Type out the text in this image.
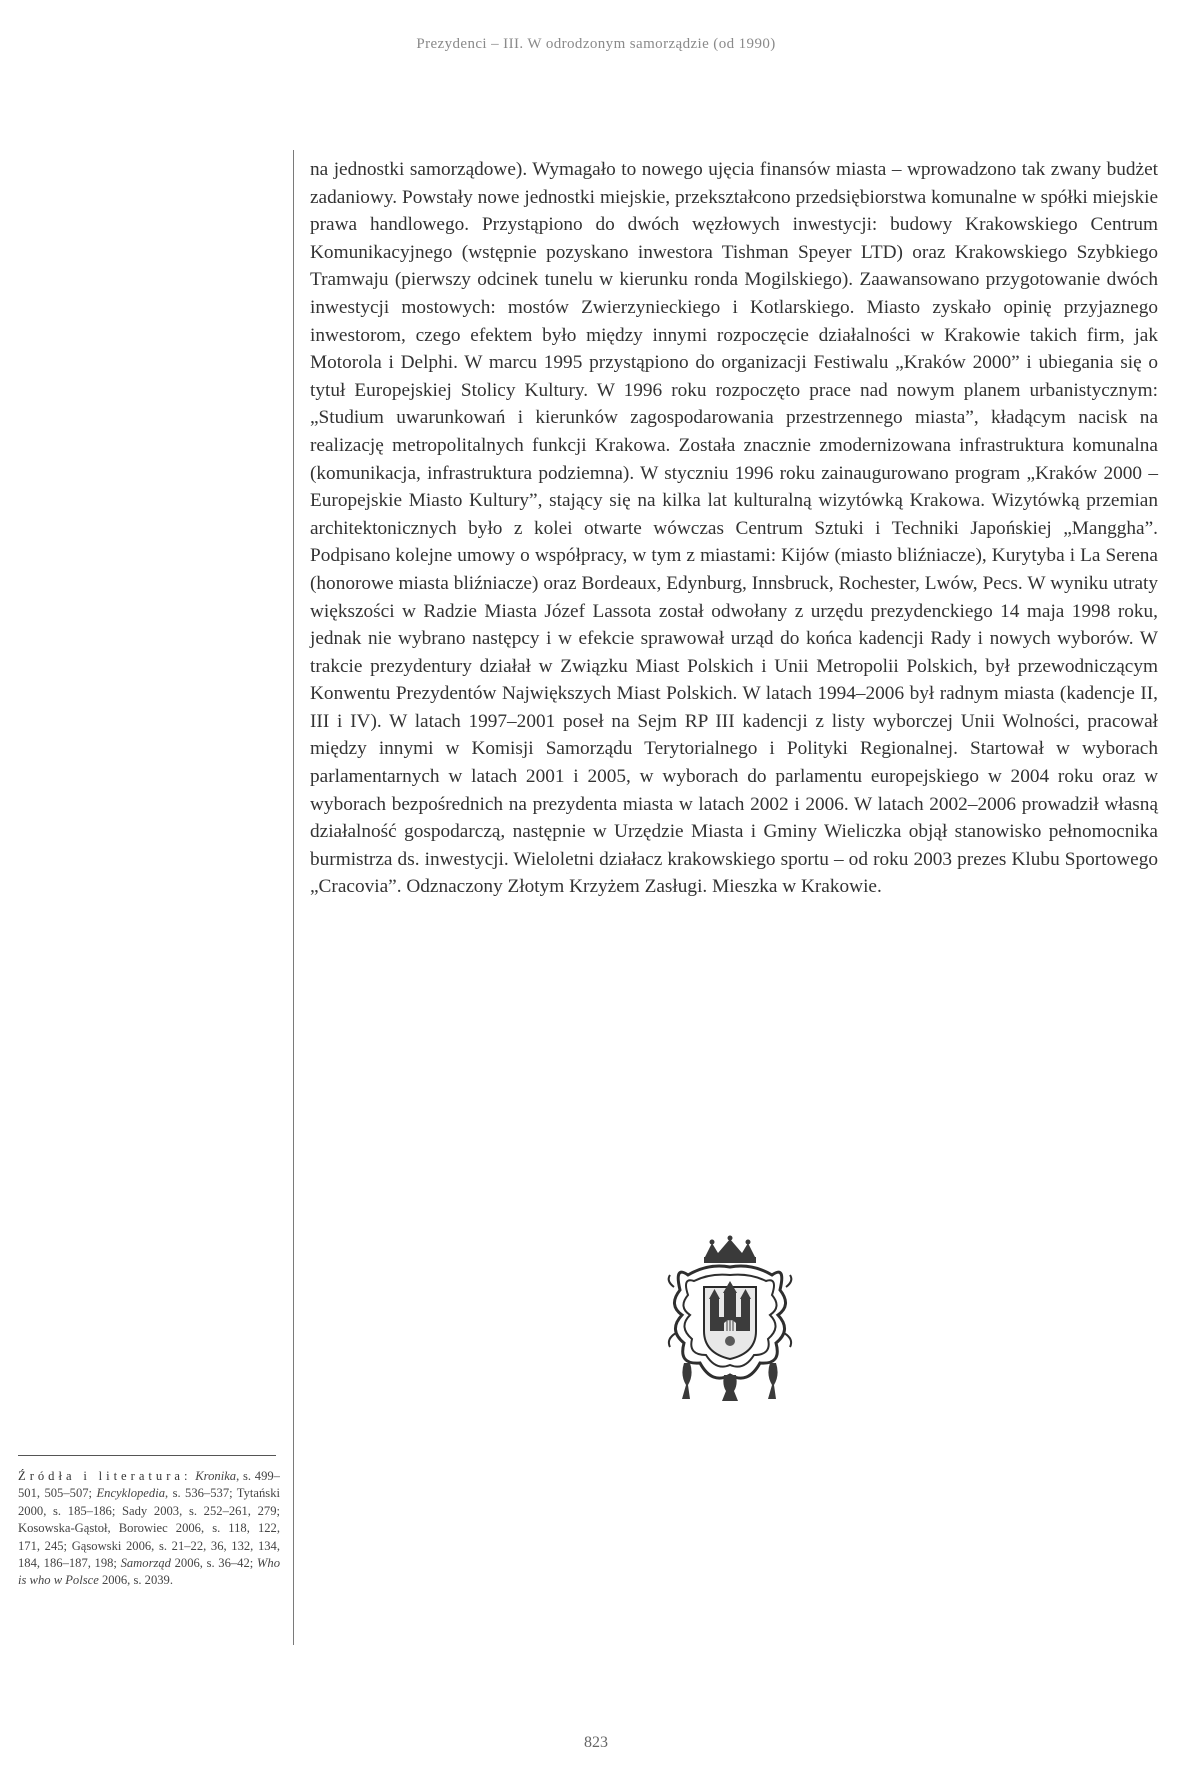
Prezydenci – III. W odrodzonym samorządzie (od 1990)

na jednostki samorządowe). Wymagało to nowego ujęcia finansów miasta – wprowadzono tak zwany budżet zadaniowy. Powstały nowe jednostki miejskie, przekształcono przedsiębiorstwa komunalne w spółki miejskie prawa handlowego. Przystąpiono do dwóch węzłowych inwestycji: budowy Krakowskiego Centrum Komunikacyjnego (wstępnie pozyskano inwestora Tishman Speyer LTD) oraz Krakowskiego Szybkiego Tramwaju (pierwszy odcinek tunelu w kierunku ronda Mogilskiego). Zaawansowano przygotowanie dwóch inwestycji mostowych: mostów Zwierzynieckiego i Kotlarskiego. Miasto zyskało opinię przyjaznego inwestorom, czego efektem było między innymi rozpoczęcie działalności w Krakowie takich firm, jak Motorola i Delphi. W marcu 1995 przystąpiono do organizacji Festiwalu „Kraków 2000” i ubiegania się o tytuł Europejskiej Stolicy Kultury. W 1996 roku rozpoczęto prace nad nowym planem urbanistycznym: „Studium uwarunkowań i kierunków zagospodarowania przestrzennego miasta”, kładącym nacisk na realizację metropolitalnych funkcji Krakowa. Została znacznie zmodernizowana infrastruktura komunalna (komunikacja, infrastruktura podziemna). W styczniu 1996 roku zainaugurowano program „Kraków 2000 – Europejskie Miasto Kultury”, stający się na kilka lat kulturalną wizytówką Krakowa. Wizytówką przemian architektonicznych było z kolei otwarte wówczas Centrum Sztuki i Techniki Japońskiej „Manggha”. Podpisano kolejne umowy o współpracy, w tym z miastami: Kijów (miasto bliźniacze), Kurytyba i La Serena (honorowe miasta bliźniacze) oraz Bordeaux, Edynburg, Innsbruck, Rochester, Lwów, Pecs. W wyniku utraty większości w Radzie Miasta Józef Lassota został odwołany z urzędu prezydenckiego 14 maja 1998 roku, jednak nie wybrano następcy i w efekcie sprawował urząd do końca kadencji Rady i nowych wyborów. W trakcie prezydentury działał w Związku Miast Polskich i Unii Metropolii Polskich, był przewodniczącym Konwentu Prezydentów Największych Miast Polskich. W latach 1994–2006 był radnym miasta (kadencje II, III i IV). W latach 1997–2001 poseł na Sejm RP III kadencji z listy wyborczej Unii Wolności, pracował między innymi w Komisji Samorządu Terytorialnego i Polityki Regionalnej. Startował w wyborach parlamentarnych w latach 2001 i 2005, w wyborach do parlamentu europejskiego w 2004 roku oraz w wyborach bezpośrednich na prezydenta miasta w latach 2002 i 2006. W latach 2002–2006 prowadził własną działalność gospodarczą, następnie w Urzędzie Miasta i Gminy Wieliczka objął stanowisko pełnomocnika burmistrza ds. inwestycji. Wieloletni działacz krakowskiego sportu – od roku 2003 prezes Klubu Sportowego „Cracovia”. Odznaczony Złotym Krzyżem Zasługi. Mieszka w Krakowie.

Źródła i literatura: Kronika, s. 499–501, 505–507; Encyklopedia, s. 536–537; Tytański 2000, s. 185–186; Sady 2003, s. 252–261, 279; Kosowska-Gąstoł, Borowiec 2006, s. 118, 122, 171, 245; Gąsowski 2006, s. 21–22, 36, 132, 134, 184, 186–187, 198; Samorząd 2006, s. 36–42; Who is who w Polsce 2006, s. 2039.
823
